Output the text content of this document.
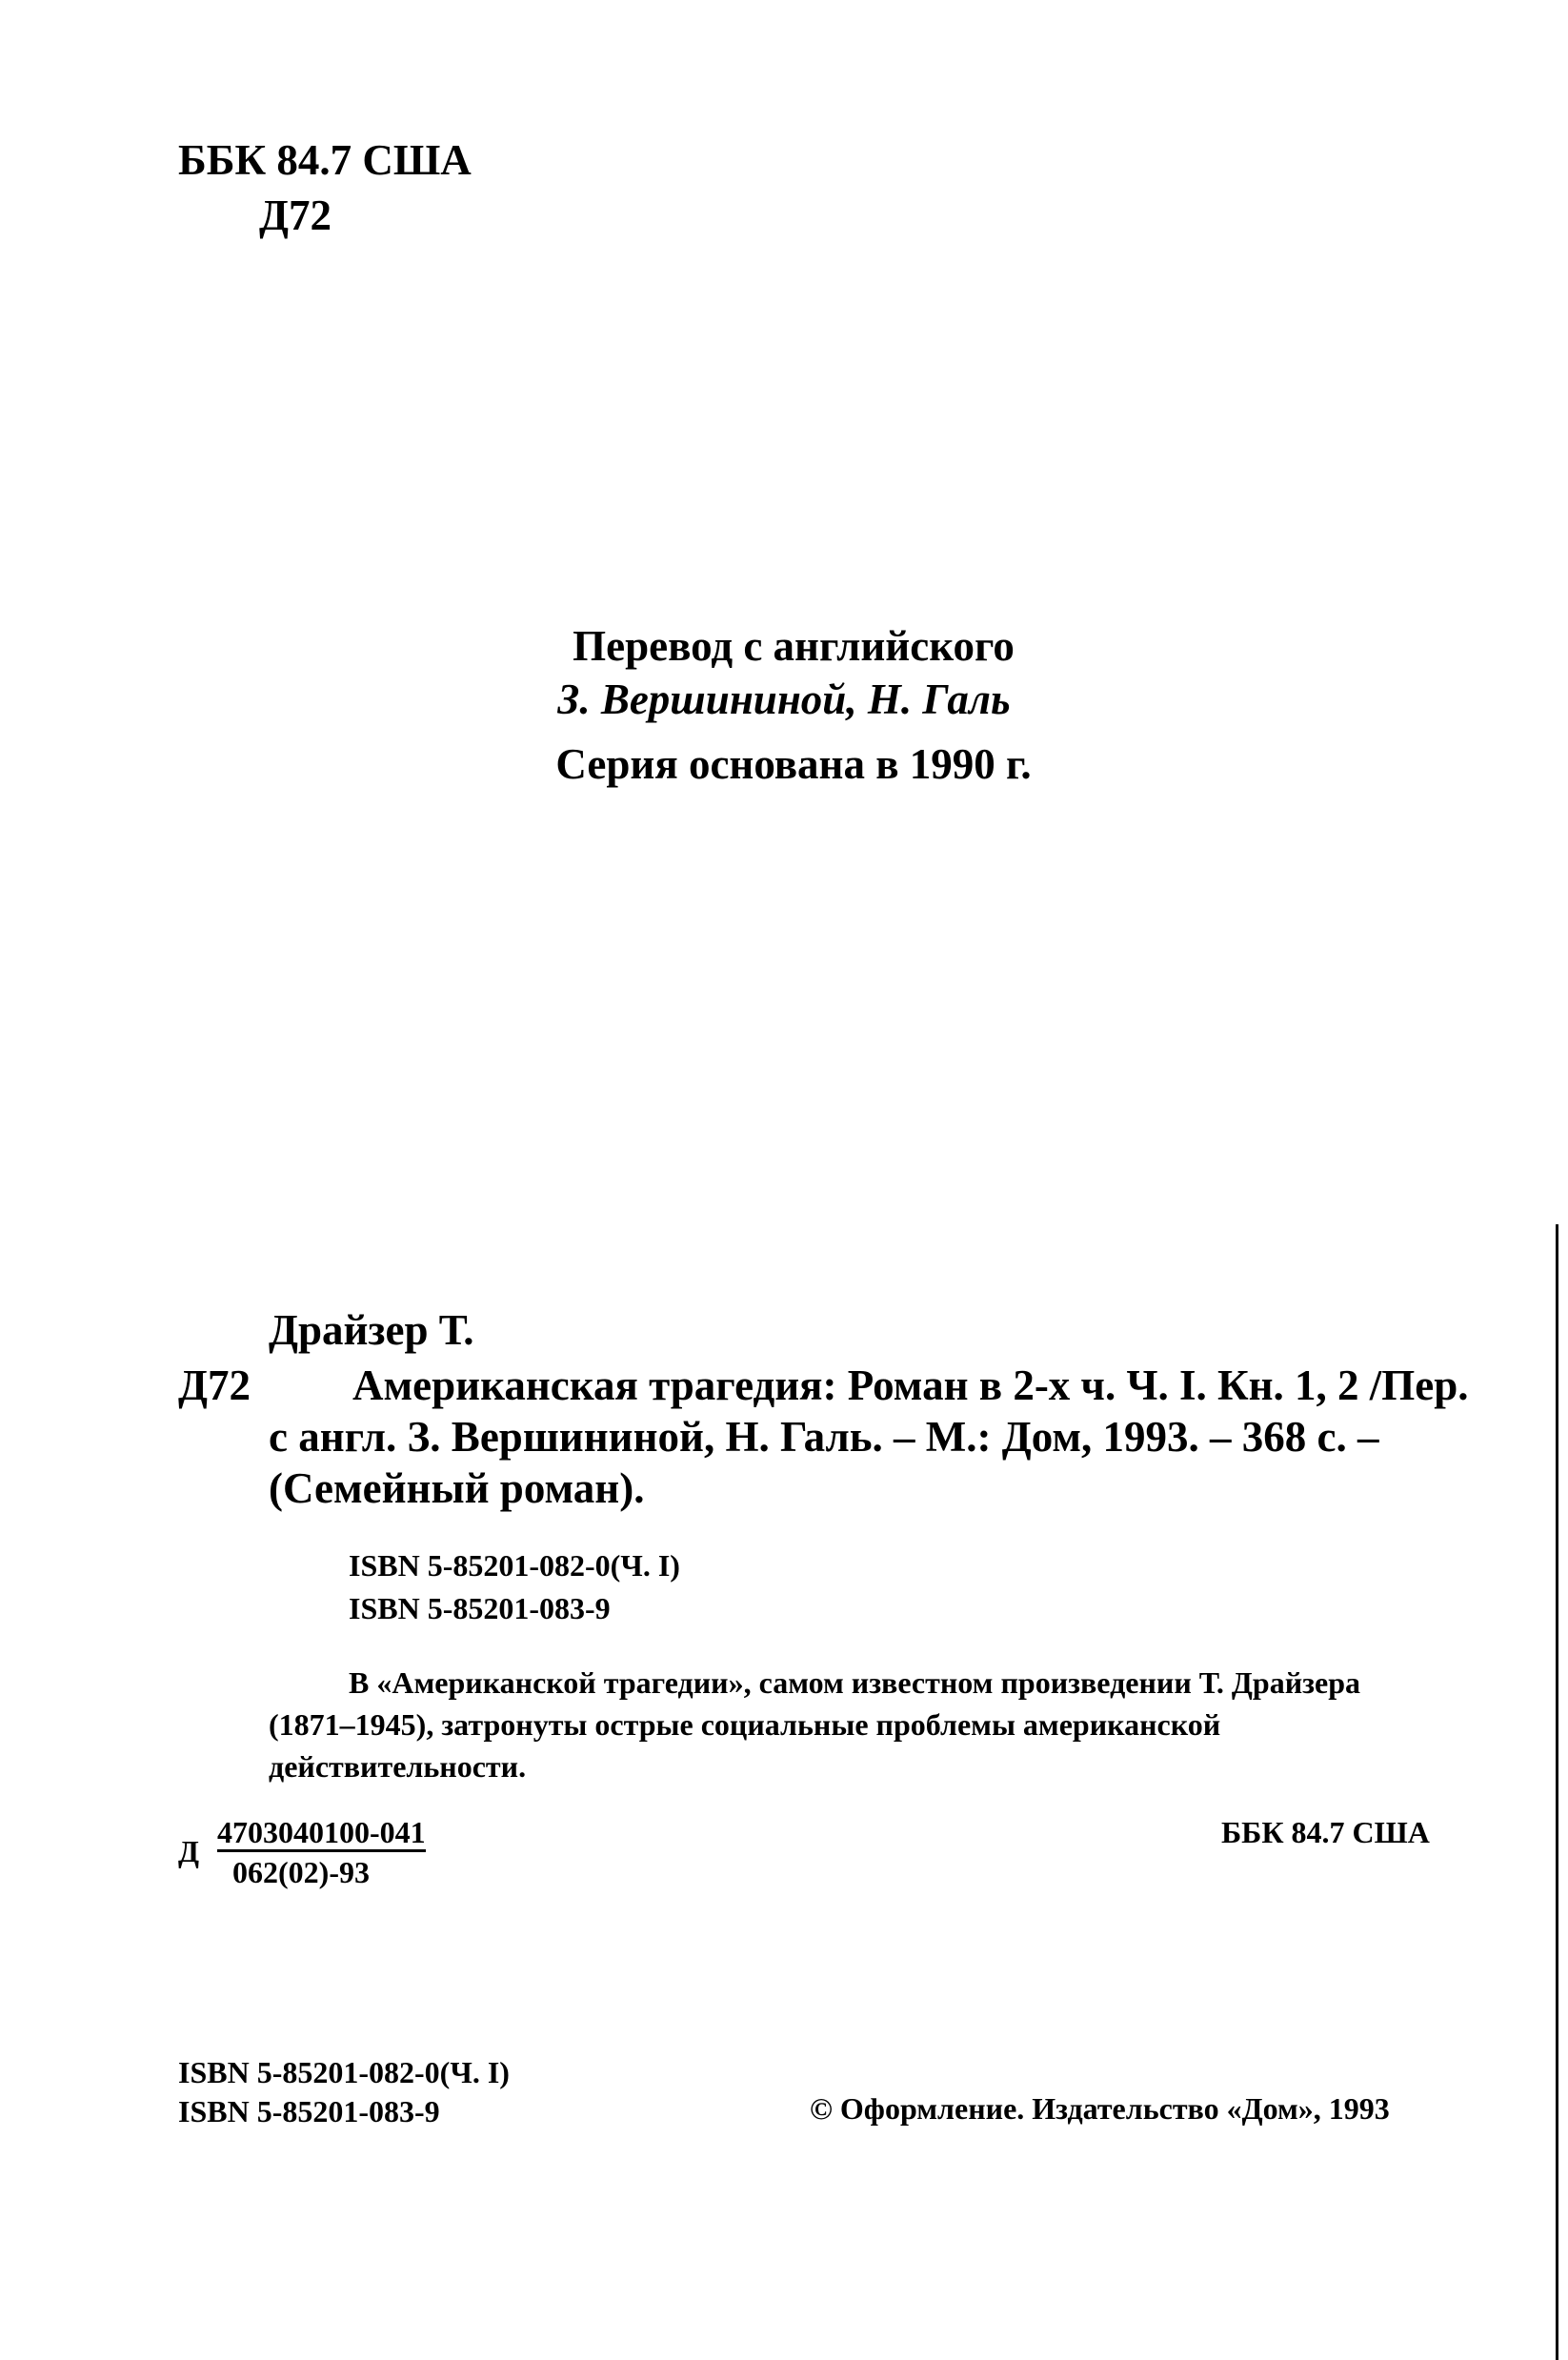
ББК 84.7 США
Д72
Перевод с английского
З. Вершининой, Н. Галь
Серия основана в 1990 г.
Драйзер Т.
Д72 Американская трагедия: Роман в 2-х ч. Ч. I. Кн. 1, 2 /Пер.
с англ. З. Вершининой, Н. Галь. – М.: Дом, 1993. – 368 с. –
(Семейный роман).
ISBN 5-85201-082-0(Ч. I)
ISBN 5-85201-083-9
В «Американской трагедии», самом известном произведении Т. Драйзера
(1871–1945), затронуты острые социальные проблемы американской
действительности.
Д
4703040100-041
062(02)-93
ББК 84.7 США
ISBN 5-85201-082-0(Ч. I)
ISBN 5-85201-083-9	© Оформление. Издательство «Дом», 1993
